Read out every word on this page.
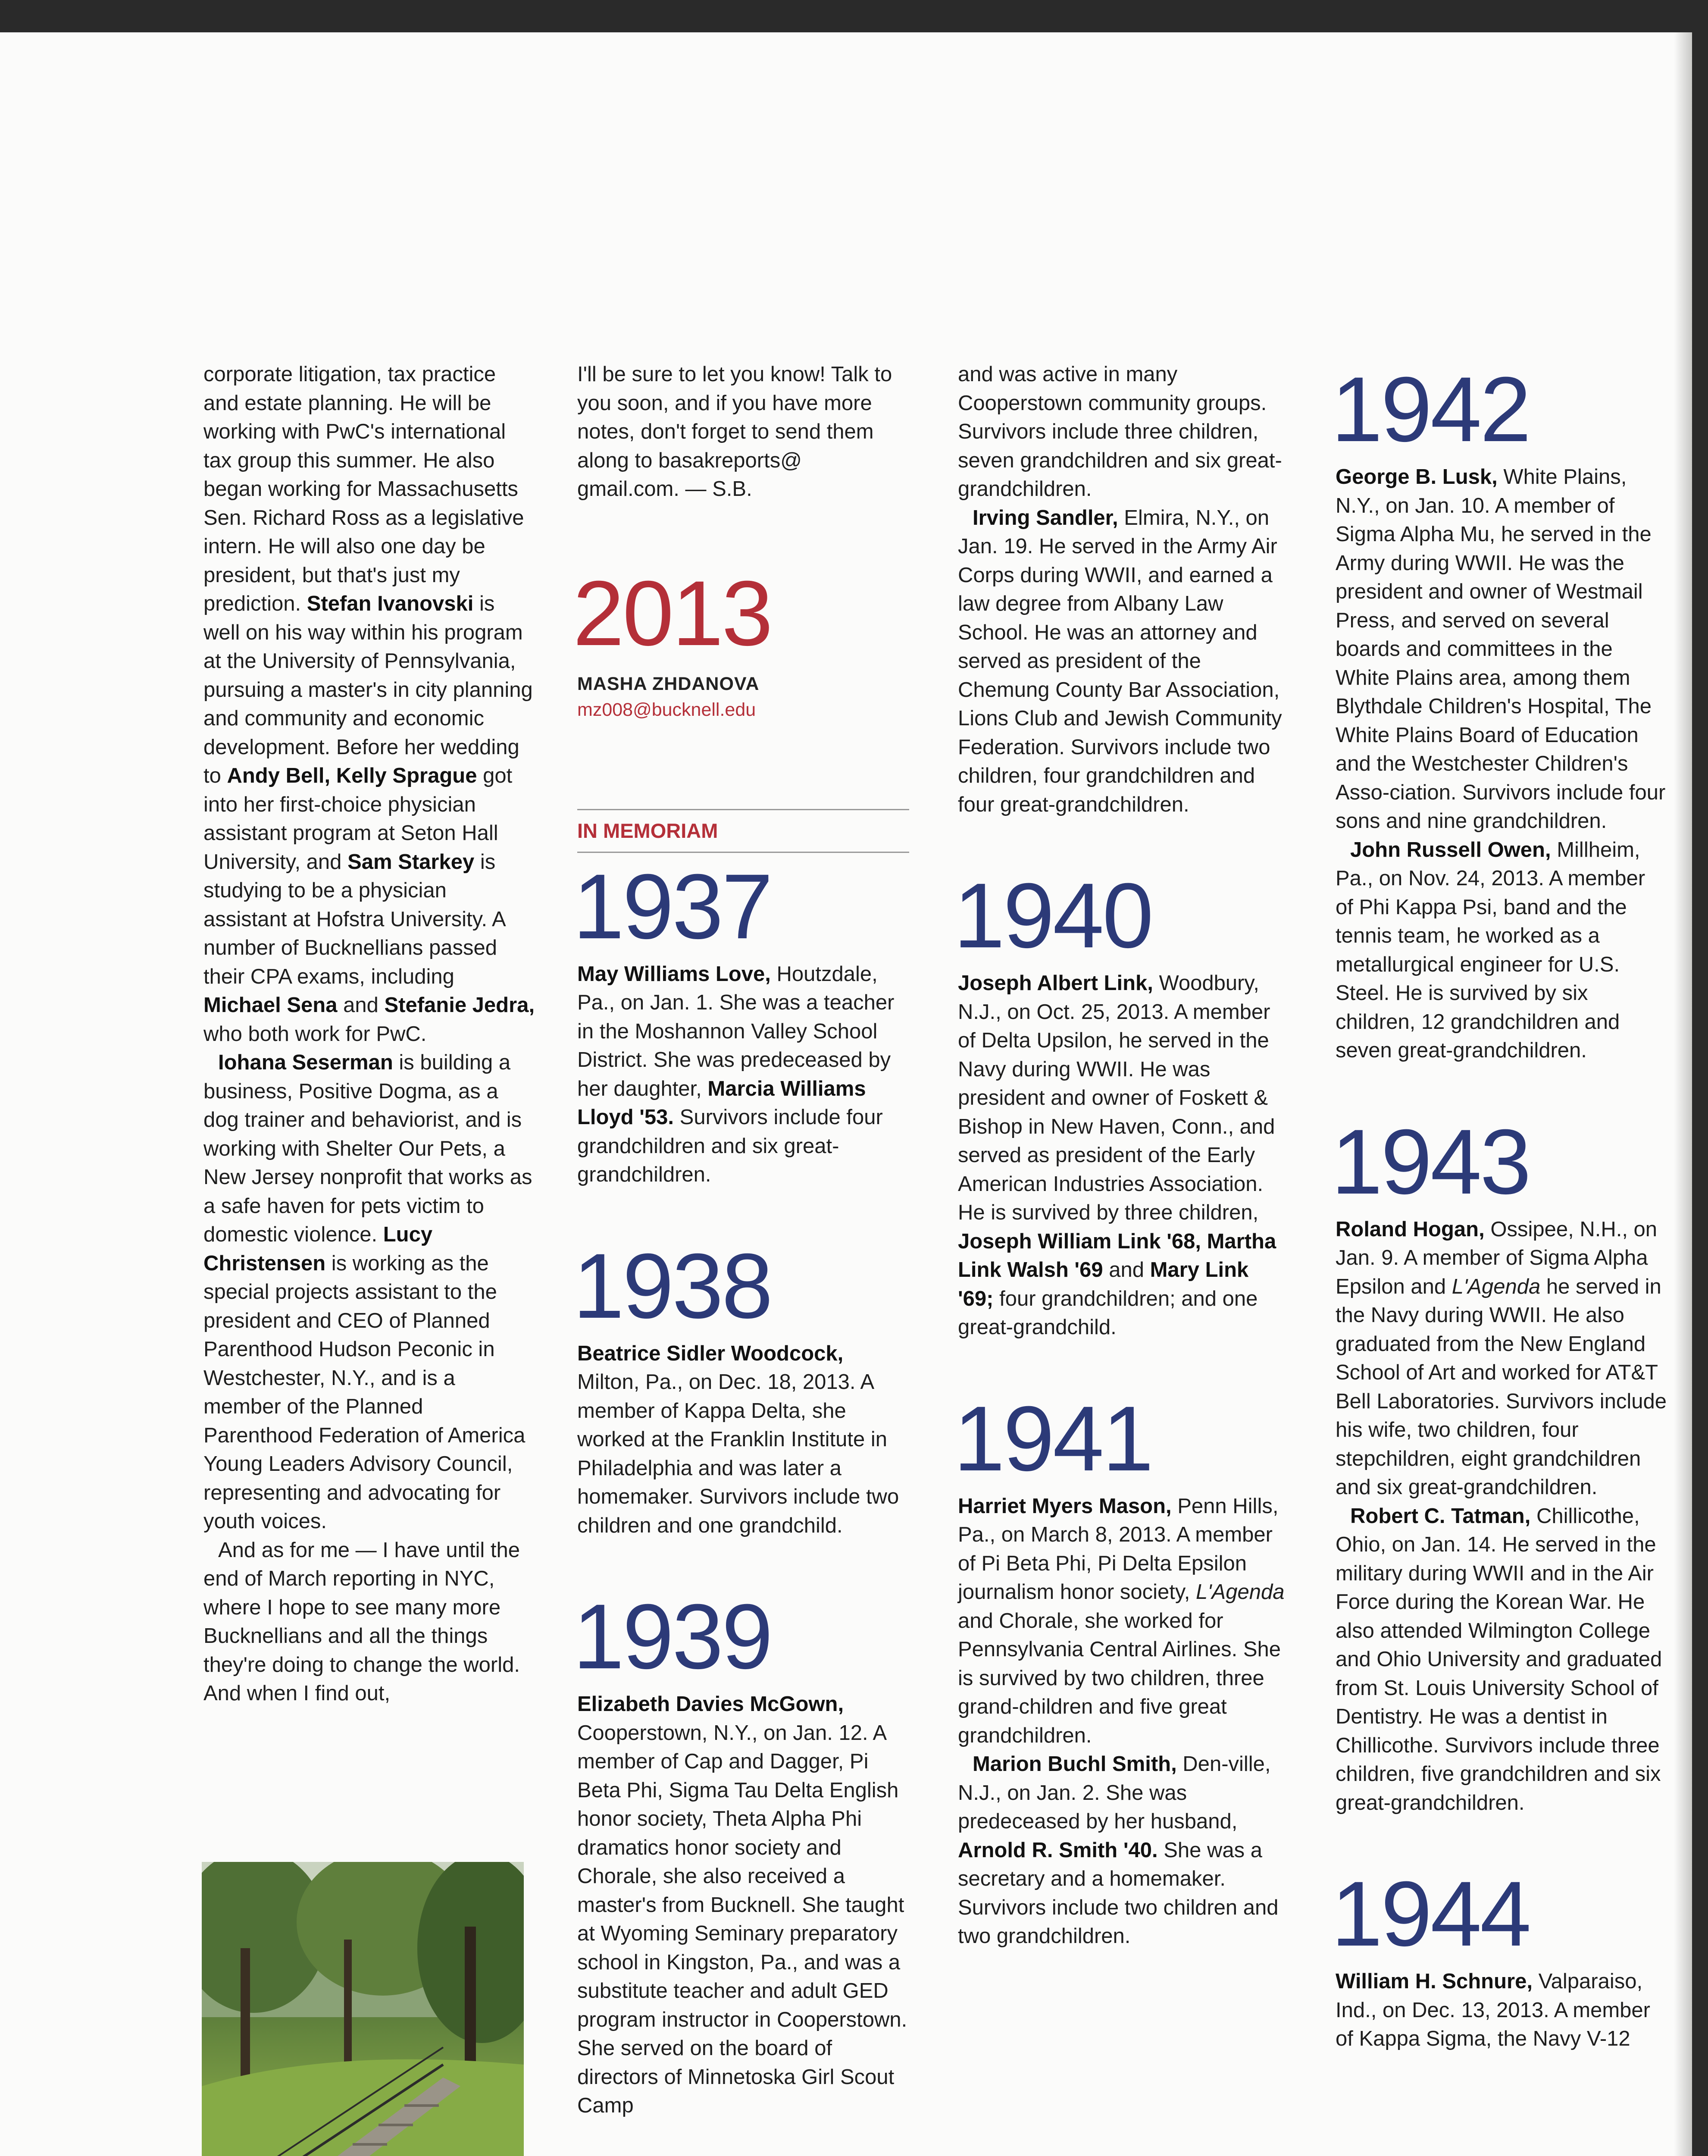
corporate litigation, tax practice and estate planning. He will be working with PwC's international tax group this summer. He also began working for Massachusetts Sen. Richard Ross as a legislative intern. He will also one day be president, but that's just my prediction. Stefan Ivanovski is well on his way within his program at the University of Pennsylvania, pursuing a master's in city planning and community and economic development. Before her wedding to Andy Bell, Kelly Sprague got into her first-choice physician assistant program at Seton Hall University, and Sam Starkey is studying to be a physician assistant at Hofstra University. A number of Bucknellians passed their CPA exams, including Michael Sena and Stefanie Jedra, who both work for PwC.

Iohana Seserman is building a business, Positive Dogma, as a dog trainer and behaviorist, and is working with Shelter Our Pets, a New Jersey nonprofit that works as a safe haven for pets victim to domestic violence. Lucy Christensen is working as the special projects assistant to the president and CEO of Planned Parenthood Hudson Peconic in Westchester, N.Y., and is a member of the Planned Parenthood Federation of America Young Leaders Advisory Council, representing and advocating for youth voices.

And as for me — I have until the end of March reporting in NYC, where I hope to see many more Bucknellians and all the things they're doing to change the world. And when I find out,

I'll be sure to let you know! Talk to you soon, and if you have more notes, don't forget to send them along to basakreports@ gmail.com. — S.B.

2013
MASHA ZHDANOVA
mz008@bucknell.edu
IN MEMORIAM
1937

May Williams Love, Houtzdale, Pa., on Jan. 1. She was a teacher in the Moshannon Valley School District. She was predeceased by her daughter, Marcia Williams Lloyd '53. Survivors include four grandchildren and six great-grandchildren.

1938

Beatrice Sidler Woodcock, Milton, Pa., on Dec. 18, 2013. A member of Kappa Delta, she worked at the Franklin Institute in Philadelphia and was later a homemaker. Survivors include two children and one grandchild.

1939

Elizabeth Davies McGown, Cooperstown, N.Y., on Jan. 12. A member of Cap and Dagger, Pi Beta Phi, Sigma Tau Delta English honor society, Theta Alpha Phi dramatics honor society and Chorale, she also received a master's from Bucknell. She taught at Wyoming Seminary preparatory school in Kingston, Pa., and was a substitute teacher and adult GED program instructor in Cooperstown. She served on the board of directors of Minnetoska Girl Scout Camp

and was active in many Cooperstown community groups. Survivors include three children, seven grandchildren and six great-grandchildren.

Irving Sandler, Elmira, N.Y., on Jan. 19. He served in the Army Air Corps during WWII, and earned a law degree from Albany Law School. He was an attorney and served as president of the Chemung County Bar Association, Lions Club and Jewish Community Federation. Survivors include two children, four grandchildren and four great-grandchildren.

1940

Joseph Albert Link, Woodbury, N.J., on Oct. 25, 2013. A member of Delta Upsilon, he served in the Navy during WWII. He was president and owner of Foskett & Bishop in New Haven, Conn., and served as president of the Early American Industries Association. He is survived by three children, Joseph William Link '68, Martha Link Walsh '69 and Mary Link '69; four grandchildren; and one great-grandchild.

1941

Harriet Myers Mason, Penn Hills, Pa., on March 8, 2013. A member of Pi Beta Phi, Pi Delta Epsilon journalism honor society, L'Agenda and Chorale, she worked for Pennsylvania Central Airlines. She is survived by two children, three grand-children and five great grandchildren.

Marion Buchl Smith, Den-ville, N.J., on Jan. 2. She was predeceased by her husband, Arnold R. Smith '40. She was a secretary and a homemaker. Survivors include two children and two grandchildren.

1942

George B. Lusk, White Plains, N.Y., on Jan. 10. A member of Sigma Alpha Mu, he served in the Army during WWII. He was the president and owner of Westmail Press, and served on several boards and committees in the White Plains area, among them Blythdale Children's Hospital, The White Plains Board of Education and the Westchester Children's Asso-ciation. Survivors include four sons and nine grandchildren.

John Russell Owen, Millheim, Pa., on Nov. 24, 2013. A member of Phi Kappa Psi, band and the tennis team, he worked as a metallurgical engineer for U.S. Steel. He is survived by six children, 12 grandchildren and seven great-grandchildren.

1943

Roland Hogan, Ossipee, N.H., on Jan. 9. A member of Sigma Alpha Epsilon and L'Agenda he served in the Navy during WWII. He also graduated from the New England School of Art and worked for AT&T Bell Laboratories. Survivors include his wife, two children, four stepchildren, eight grandchildren and six great-grandchildren.

Robert C. Tatman, Chillicothe, Ohio, on Jan. 14. He served in the military during WWII and in the Air Force during the Korean War. He also attended Wilmington College and Ohio University and graduated from St. Louis University School of Dentistry. He was a dentist in Chillicothe. Survivors include three children, five grandchildren and six great-grandchildren.

1944

William H. Schnure, Valparaiso, Ind., on Dec. 13, 2013. A member of Kappa Sigma, the Navy V-12
